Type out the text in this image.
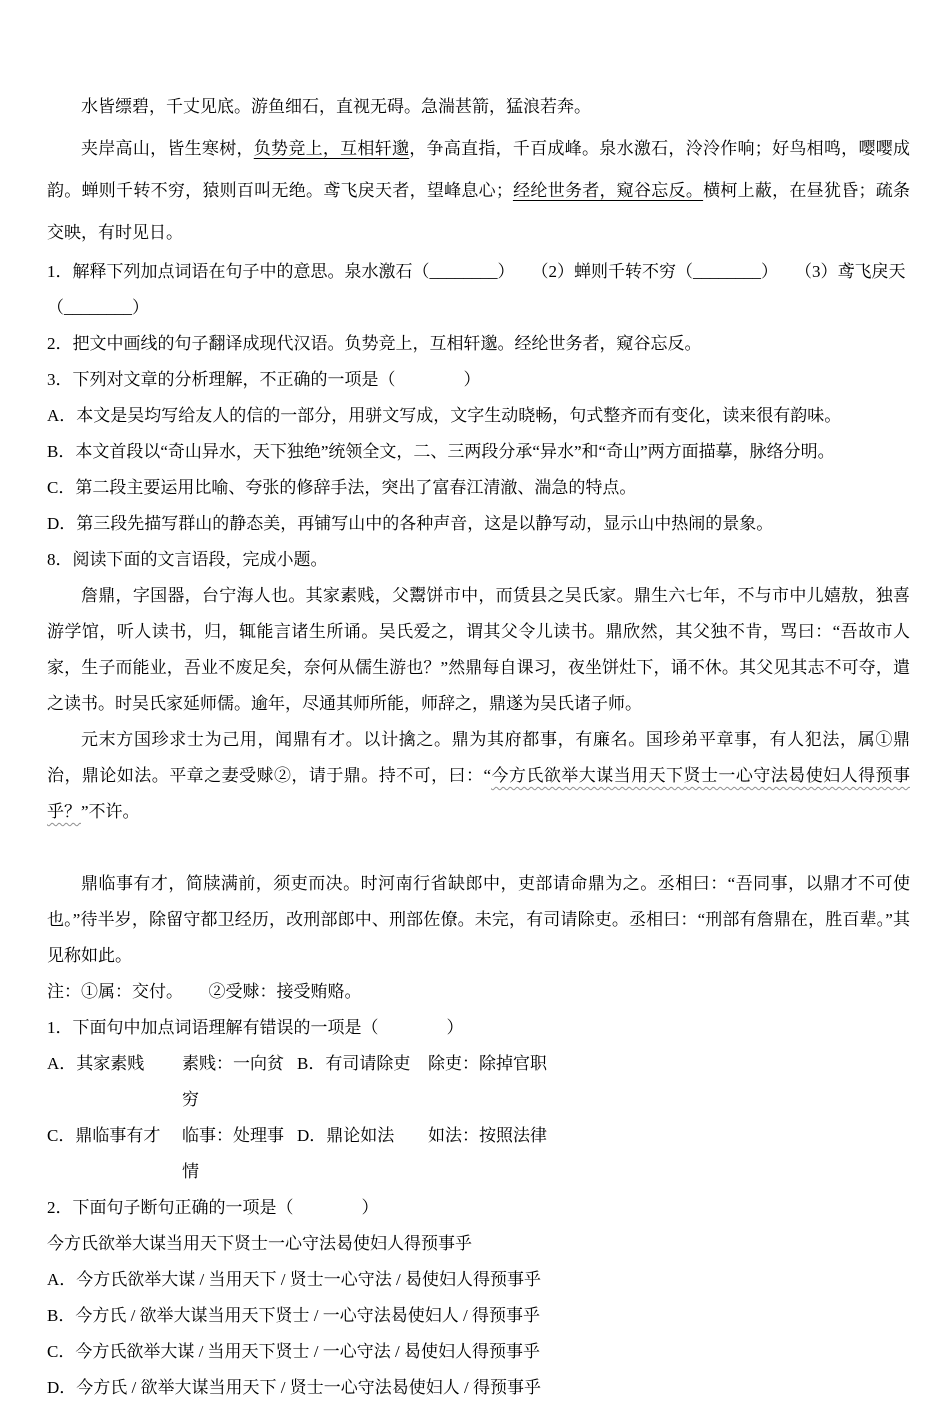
水皆缥碧，千丈见底。游鱼细石，直视无碍。急湍甚箭，猛浪若奔。

夹岸高山，皆生寒树，负势竞上，互相轩邈，争高直指，千百成峰。泉水激石，泠泠作响；好鸟相鸣，嘤嘤成韵。蝉则千转不穷，猿则百叫无绝。鸢飞戾天者，望峰息心；经纶世务者，窥谷忘反。横柯上蔽，在昼犹昏；疏条交映，有时见日。

1．解释下列加点词语在句子中的意思。泉水激石（________）　　（2）蝉则千转不穷（________）　　（3）鸢飞戾天

（________）

2．把文中画线的句子翻译成现代汉语。负势竞上，互相轩邈。经纶世务者，窥谷忘反。

3．下列对文章的分析理解，不正确的一项是（　　　　）

A．本文是吴均写给友人的信的一部分，用骈文写成，文字生动晓畅，句式整齐而有变化，读来很有韵味。

B．本文首段以“奇山异水，天下独绝”统领全文，二、三两段分承“异水”和“奇山”两方面描摹，脉络分明。

C．第二段主要运用比喻、夸张的修辞手法，突出了富春江清澈、湍急的特点。

D．第三段先描写群山的静态美，再铺写山中的各种声音，这是以静写动，显示山中热闹的景象。

8．阅读下面的文言语段，完成小题。

詹鼎，字国器，台宁海人也。其家素贱，父鬻饼市中，而赁县之吴氏家。鼎生六七年，不与市中儿嬉敖，独喜游学馆，听人读书，归，辄能言诸生所诵。吴氏爱之，谓其父令儿读书。鼎欣然，其父独不肯，骂曰：“吾故市人家，生子而能业，吾业不废足矣，奈何从儒生游也？”然鼎每自课习，夜坐饼灶下，诵不休。其父见其志不可夺，遣之读书。时吴氏家延师儒。逾年，尽通其师所能，师辞之，鼎遂为吴氏诸子师。

元末方国珍求士为己用，闻鼎有才。以计擒之。鼎为其府都事，有廉名。国珍弟平章事，有人犯法，属①鼎治，鼎论如法。平章之妻受赇②，请于鼎。持不可，曰：“今方氏欲举大谋当用天下贤士一心守法曷使妇人得预事乎？”不许。

鼎临事有才，简牍满前，须吏而决。时河南行省缺郎中，吏部请命鼎为之。丞相曰：“吾同事，以鼎才不可使也。”待半岁，除留守都卫经历，改刑部郎中、刑部佐僚。未完，有司请除吏。丞相曰：“刑部有詹鼎在，胜百辈。”其见称如此。

注：①属：交付。　　②受赇：接受贿赂。

1．下面句中加点词语理解有错误的一项是（　　　　）

A．其家素贱	素贱：一向贫穷
B．有司请除吏	除吏：除掉官职
C．鼎临事有才	临事：处理事情
D．鼎论如法	如法：按照法律

2．下面句子断句正确的一项是（　　　　）

今方氏欲举大谋当用天下贤士一心守法曷使妇人得预事乎

A．今方氏欲举大谋 / 当用天下 / 贤士一心守法 / 曷使妇人得预事乎

B．今方氏 / 欲举大谋当用天下贤士 / 一心守法曷使妇人 / 得预事乎

C．今方氏欲举大谋 / 当用天下贤士 / 一心守法 / 曷使妇人得预事乎

D．今方氏 / 欲举大谋当用天下 / 贤士一心守法曷使妇人 / 得预事乎
